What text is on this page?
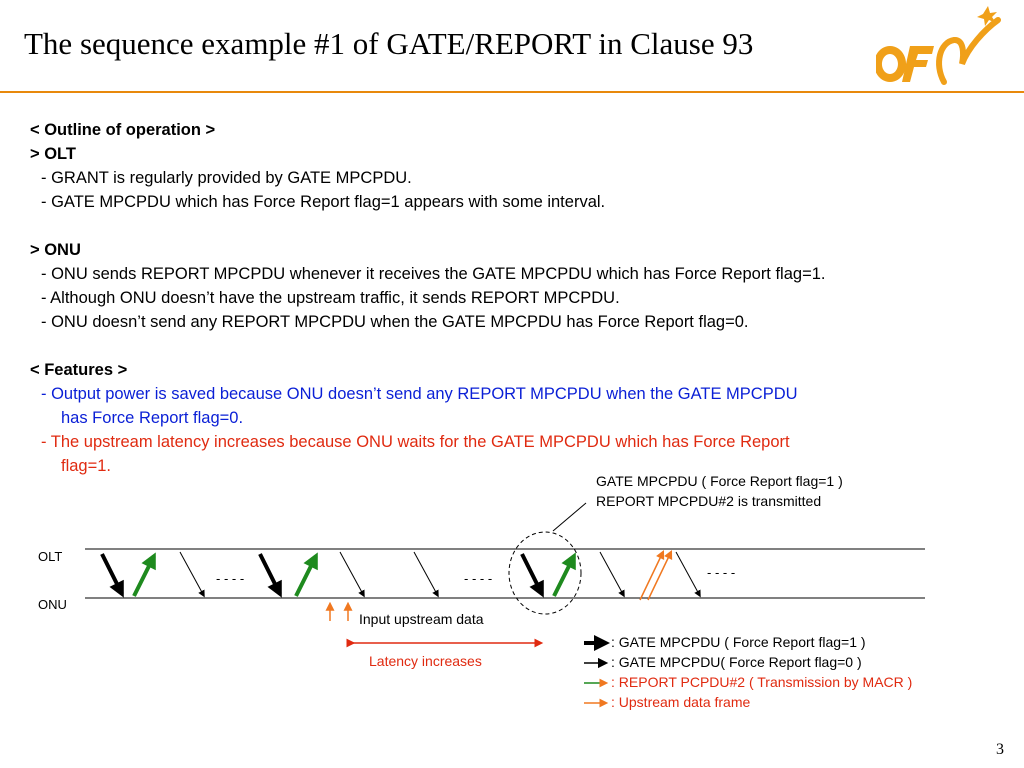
The sequence example #1 of GATE/REPORT in Clause 93
< Outline of operation >
> OLT
- GRANT is regularly provided by GATE MPCPDU.
- GATE MPCPDU which has Force Report flag=1 appears with some interval.
> ONU
- ONU sends REPORT MPCPDU whenever it receives the GATE MPCPDU which has Force Report flag=1.
- Although ONU doesn’t have the upstream traffic, it sends REPORT MPCPDU.
- ONU doesn’t send any REPORT MPCPDU when the GATE MPCPDU has Force Report flag=0.
< Features >
- Output power is saved because ONU doesn’t send any REPORT MPCPDU when the GATE MPCPDU
has Force Report flag=0.
- The upstream latency increases because ONU waits for the GATE MPCPDU which has Force Report
flag=1.
GATE MPCPDU ( Force Report flag=1 )
REPORT MPCPDU#2 is transmitted
OLT
ONU
- - - -
Input upstream data
- - - -	- - - -
Latency increases
: GATE MPCPDU ( Force Report flag=1 )
: GATE MPCPDU( Force Report flag=0 )
: REPORT PCPDU#2 ( Transmission by MACR )
: Upstream data frame
3
